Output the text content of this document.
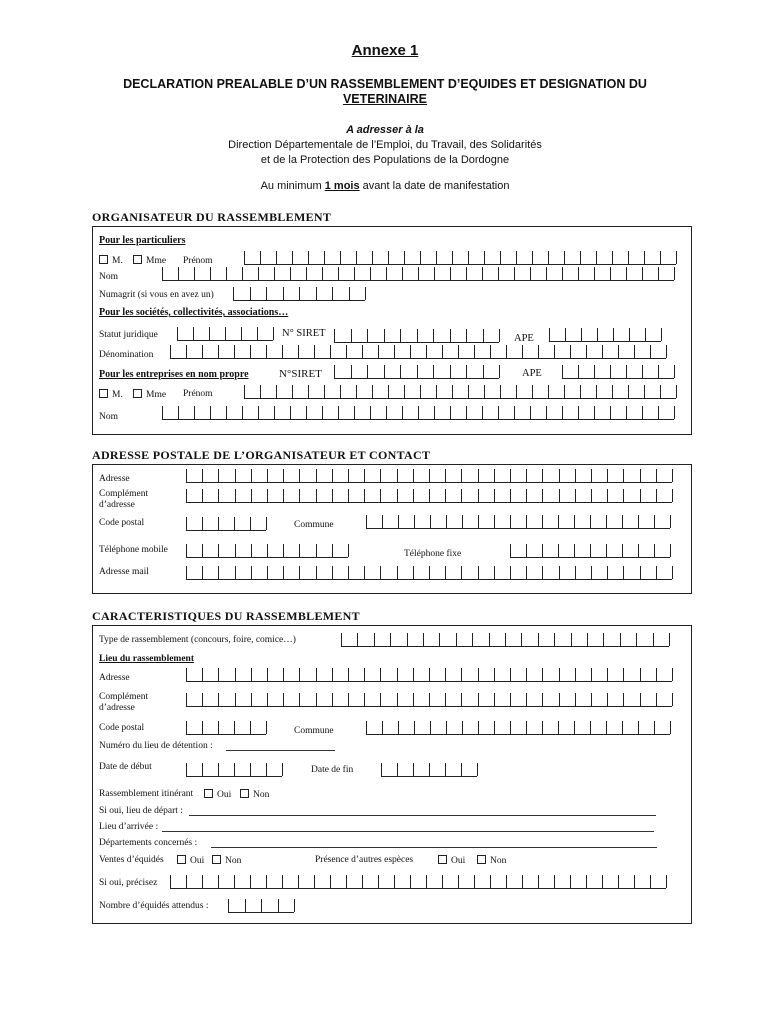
Annexe 1
DECLARATION PREALABLE D’UN RASSEMBLEMENT D’EQUIDES ET DESIGNATION DU
VETERINAIRE
A adresser à la
Direction Départementale de l’Emploi, du Travail, des Solidarités
et de la Protection des Populations de la Dordogne
Au minimum 1 mois avant la date de manifestation
ORGANISATEUR DU RASSEMBLEMENT
Pour les particuliers
M.	Mme Prénom
Nom
Numagrit (si vous en avez un)
Pour les sociétés, collectivités, associations…
Statut juridique	N° SIRET	APE
Dénomination
Pour les entreprises en nom propre	N°SIRET	APE
M.	Mme Prénom
Nom
ADRESSE POSTALE DE L’ORGANISATEUR ET CONTACT
Adresse
Complément
d’adresse
Code postal	Commune
Téléphone mobile	Téléphone fixe
Adresse mail
CARACTERISTIQUES DU RASSEMBLEMENT
Type de rassemblement (concours, foire, comice…)
Lieu du rassemblement
Adresse
Complément
d’adresse
Code postal	Commune
Numéro du lieu de détention :
Date de début	Date de fin
Rassemblement itinérant	Oui	Non
Si oui, lieu de départ :
Lieu d’arrivée :
Départements concernés :
Ventes d’équidés	Oui	Non	Présence d’autres espèces	Oui	Non
Si oui, précisez
Nombre d’équidés attendus :
